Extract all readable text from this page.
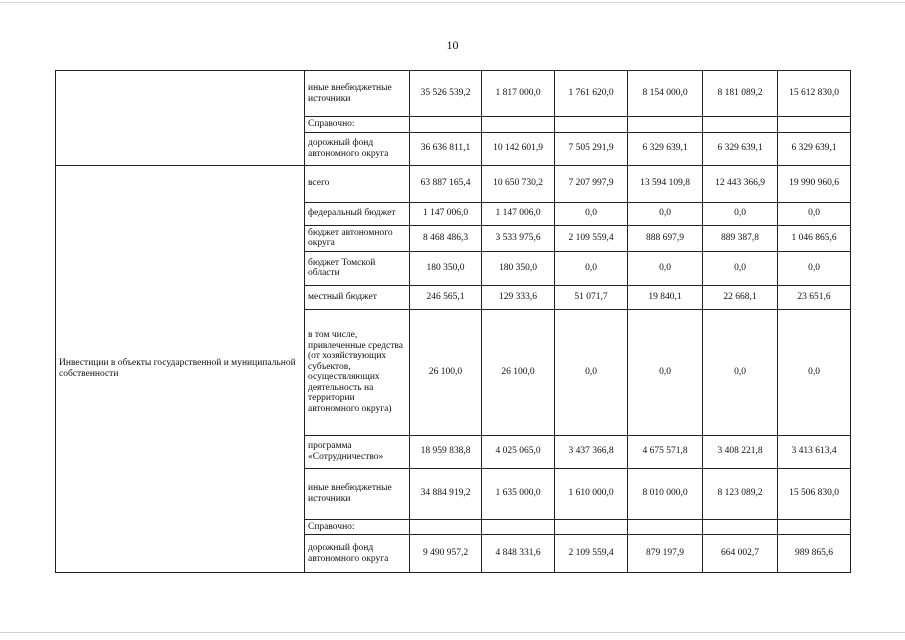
10
	иные внебюджетные источники	35 526 539,2	1 817 000,0	1 761 620,0	8 154 000,0	8 181 089,2	15 612 830,0
	Справочно:						
	дорожный фонд автономного округа	36 636 811,1	10 142 601,9	7 505 291,9	6 329 639,1	6 329 639,1	6 329 639,1
Инвестиции в объекты государственной и муниципальной собственности	всего	63 887 165,4	10 650 730,2	7 207 997,9	13 594 109,8	12 443 366,9	19 990 960,6
	федеральный бюджет	1 147 006,0	1 147 006,0	0,0	0,0	0,0	0,0
	бюджет автономного округа	8 468 486,3	3 533 975,6	2 109 559,4	888 697,9	889 387,8	1 046 865,6
	бюджет Томской области	180 350,0	180 350,0	0,0	0,0	0,0	0,0
	местный бюджет	246 565,1	129 333,6	51 071,7	19 840,1	22 668,1	23 651,6
	в том числе, привлеченные средства (от хозяйствующих субъектов, осуществляющих деятельность на территории автономного округа)	26 100,0	26 100,0	0,0	0,0	0,0	0,0
	программа «Сотрудничество»	18 959 838,8	4 025 065,0	3 437 366,8	4 675 571,8	3 408 221,8	3 413 613,4
	иные внебюджетные источники	34 884 919,2	1 635 000,0	1 610 000,0	8 010 000,0	8 123 089,2	15 506 830,0
	Справочно:						
	дорожный фонд автономного округа	9 490 957,2	4 848 331,6	2 109 559,4	879 197,9	664 002,7	989 865,6
